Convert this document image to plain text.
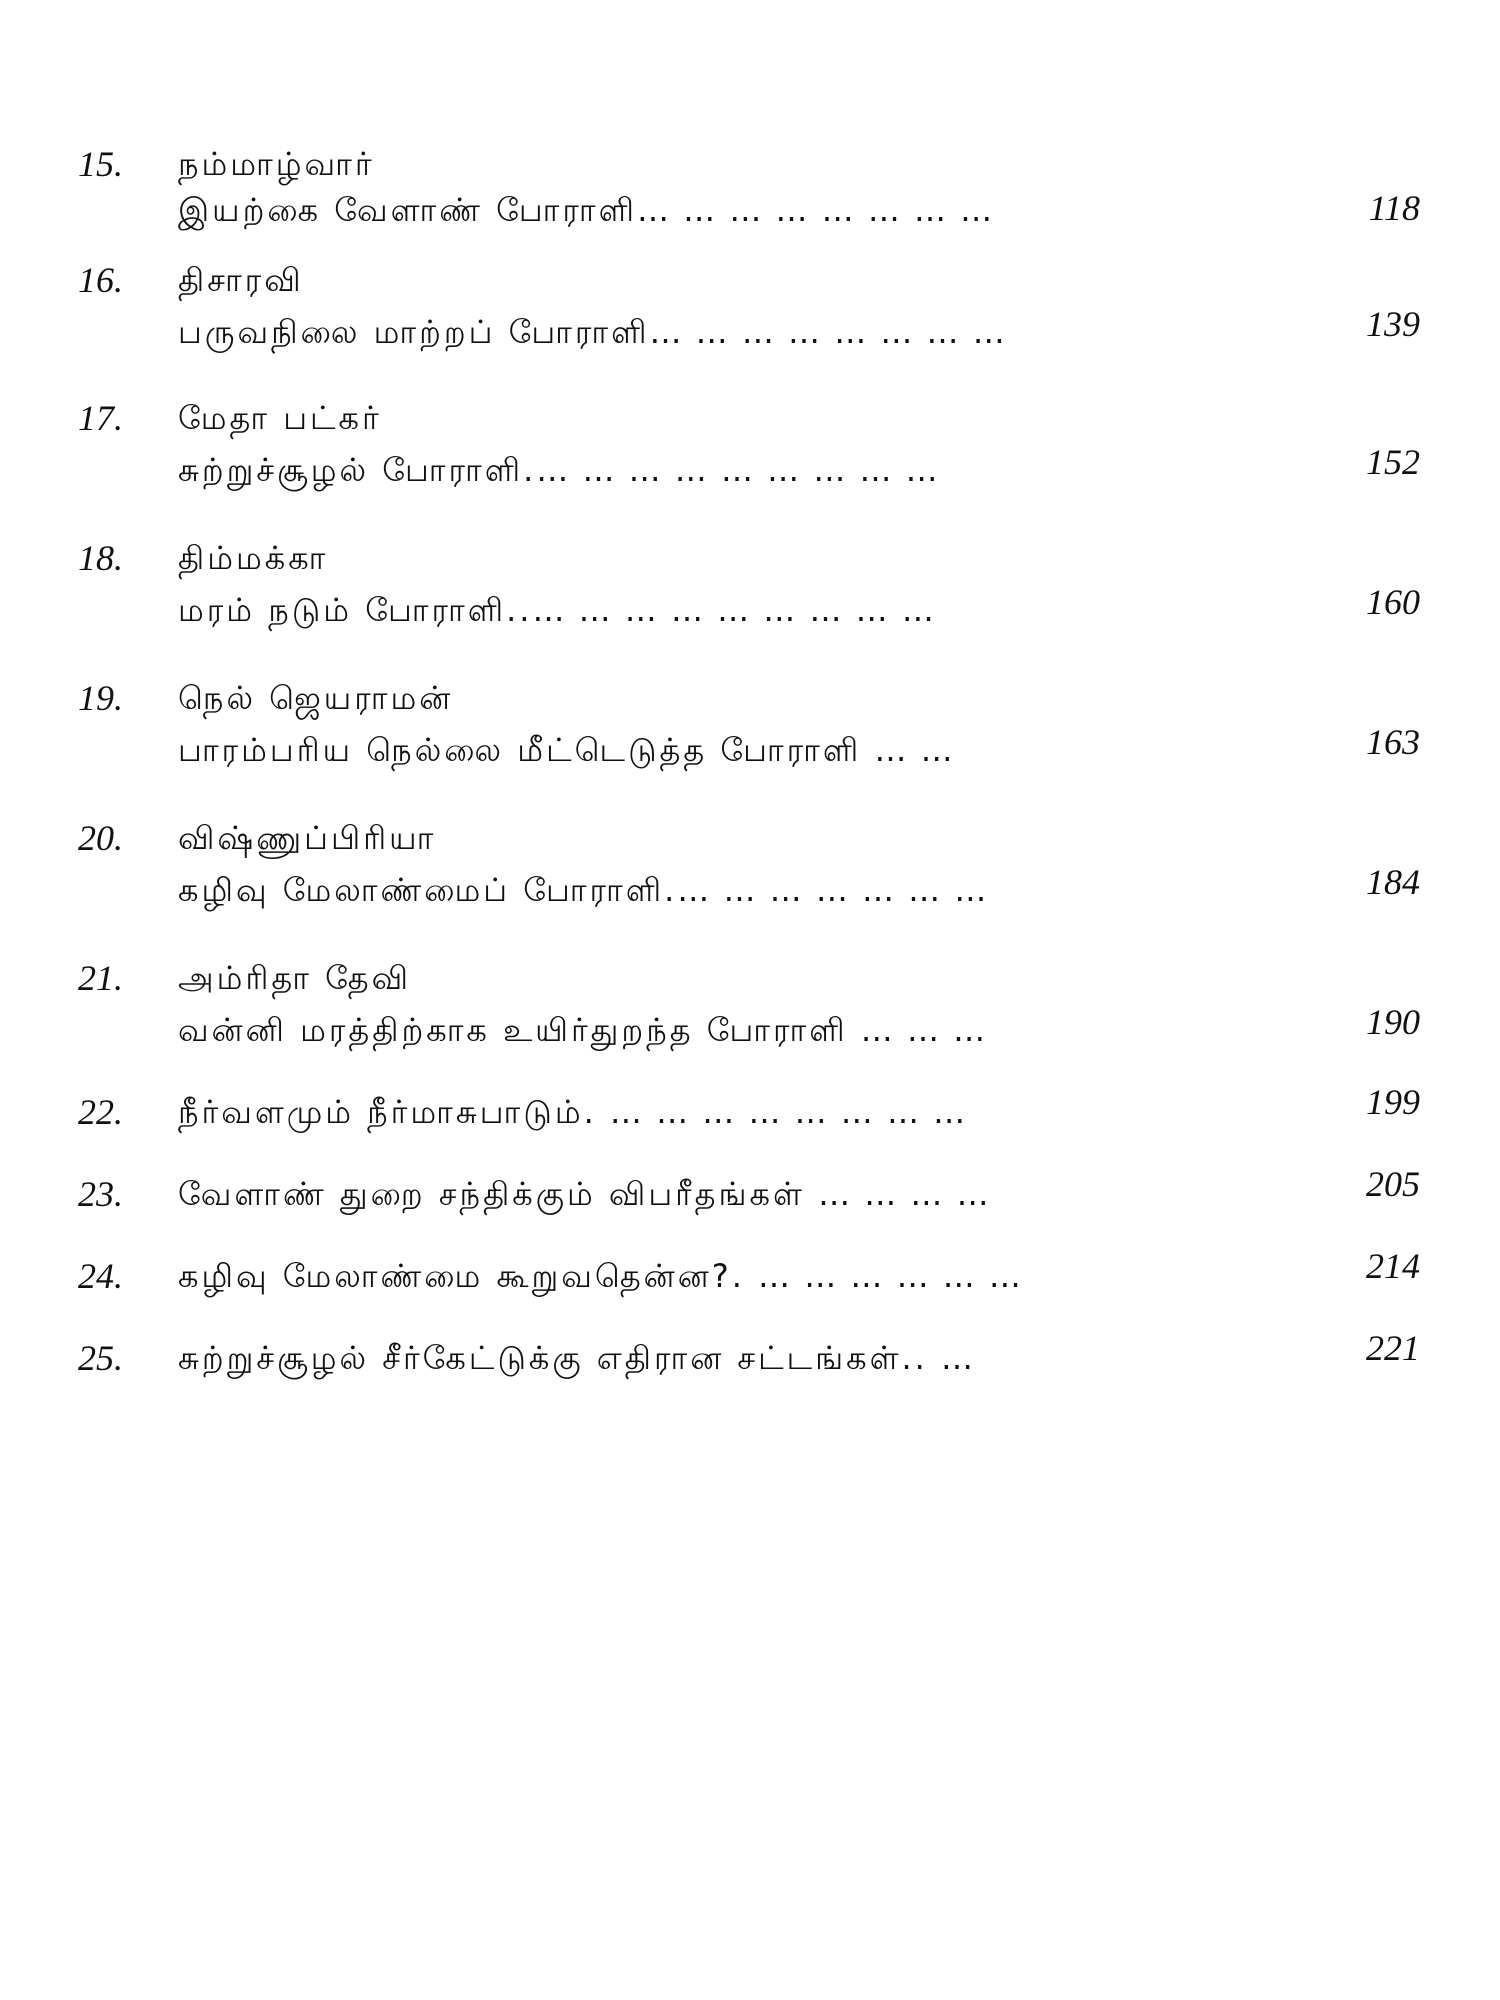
15.	நம்மாழ்வார்
இயற்கை வேளாண் போராளி… … … … … … … …	118
16.	திசாரவி
பருவநிலை மாற்றப் போராளி… … … … … … … …	139
17.	மேதா பட்கர்
சுற்றுச்சூழல் போராளி.… … … … … … … … …	152
18.	திம்மக்கா
மரம் நடும் போராளி..… … … … … … … … …	160
19.	நெல் ஜெயராமன்
பாரம்பரிய நெல்லை மீட்டெடுத்த போராளி … …	163
20.	விஷ்ணுப்பிரியா
கழிவு மேலாண்மைப் போராளி.… … … … … … …	184
21.	அம்ரிதா தேவி
வன்னி மரத்திற்காக உயிர்துறந்த போராளி … … …	190
22.	நீர்வளமும் நீர்மாசுபாடும். … … … … … … … …	199
23.	வேளாண் துறை சந்திக்கும் விபரீதங்கள் … … … …	205
24.	கழிவு மேலாண்மை கூறுவதென்ன?. … … … … … …	214
25.	சுற்றுச்சூழல் சீர்கேட்டுக்கு எதிரான சட்டங்கள்.. …	221
